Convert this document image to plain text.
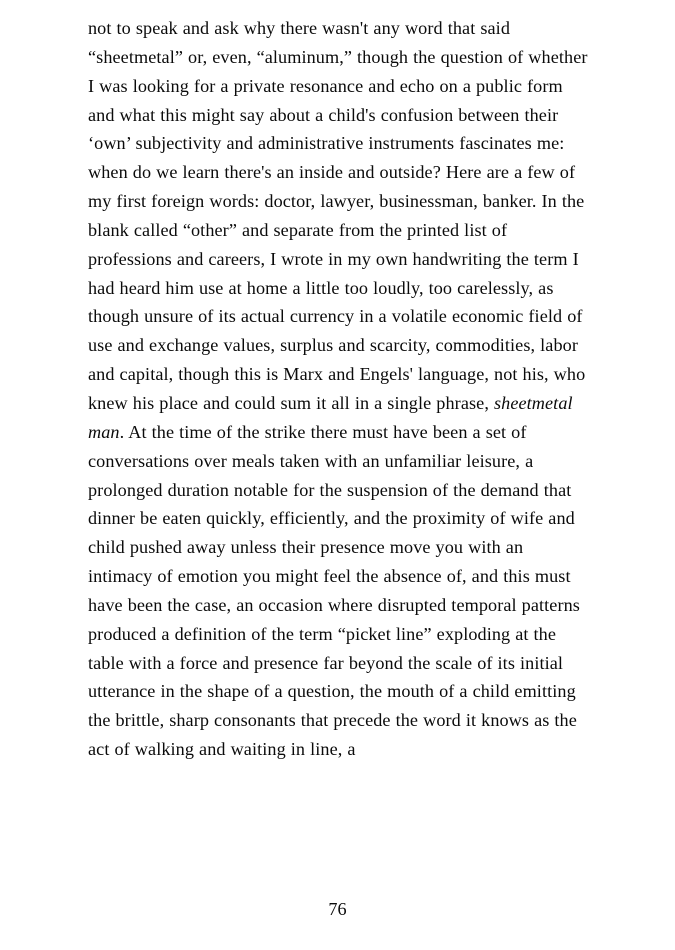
not to speak and ask why there wasn't any word that said “sheetmetal” or, even, “aluminum,” though the question of whether I was looking for a private resonance and echo on a public form and what this might say about a child's confusion between their ‘own’ subjectivity and administrative instruments fascinates me: when do we learn there's an inside and outside? Here are a few of my first foreign words: doctor, lawyer, businessman, banker. In the blank called “other” and separate from the printed list of professions and careers, I wrote in my own handwriting the term I had heard him use at home a little too loudly, too carelessly, as though unsure of its actual currency in a volatile economic field of use and exchange values, surplus and scarcity, commodities, labor and capital, though this is Marx and Engels' language, not his, who knew his place and could sum it all in a single phrase, sheetmetal man. At the time of the strike there must have been a set of conversations over meals taken with an unfamiliar leisure, a prolonged duration notable for the suspension of the demand that dinner be eaten quickly, efficiently, and the proximity of wife and child pushed away unless their presence move you with an intimacy of emotion you might feel the absence of, and this must have been the case, an occasion where disrupted temporal patterns produced a definition of the term “picket line” exploding at the table with a force and presence far beyond the scale of its initial utterance in the shape of a question, the mouth of a child emitting the brittle, sharp consonants that precede the word it knows as the act of walking and waiting in line, a

76
